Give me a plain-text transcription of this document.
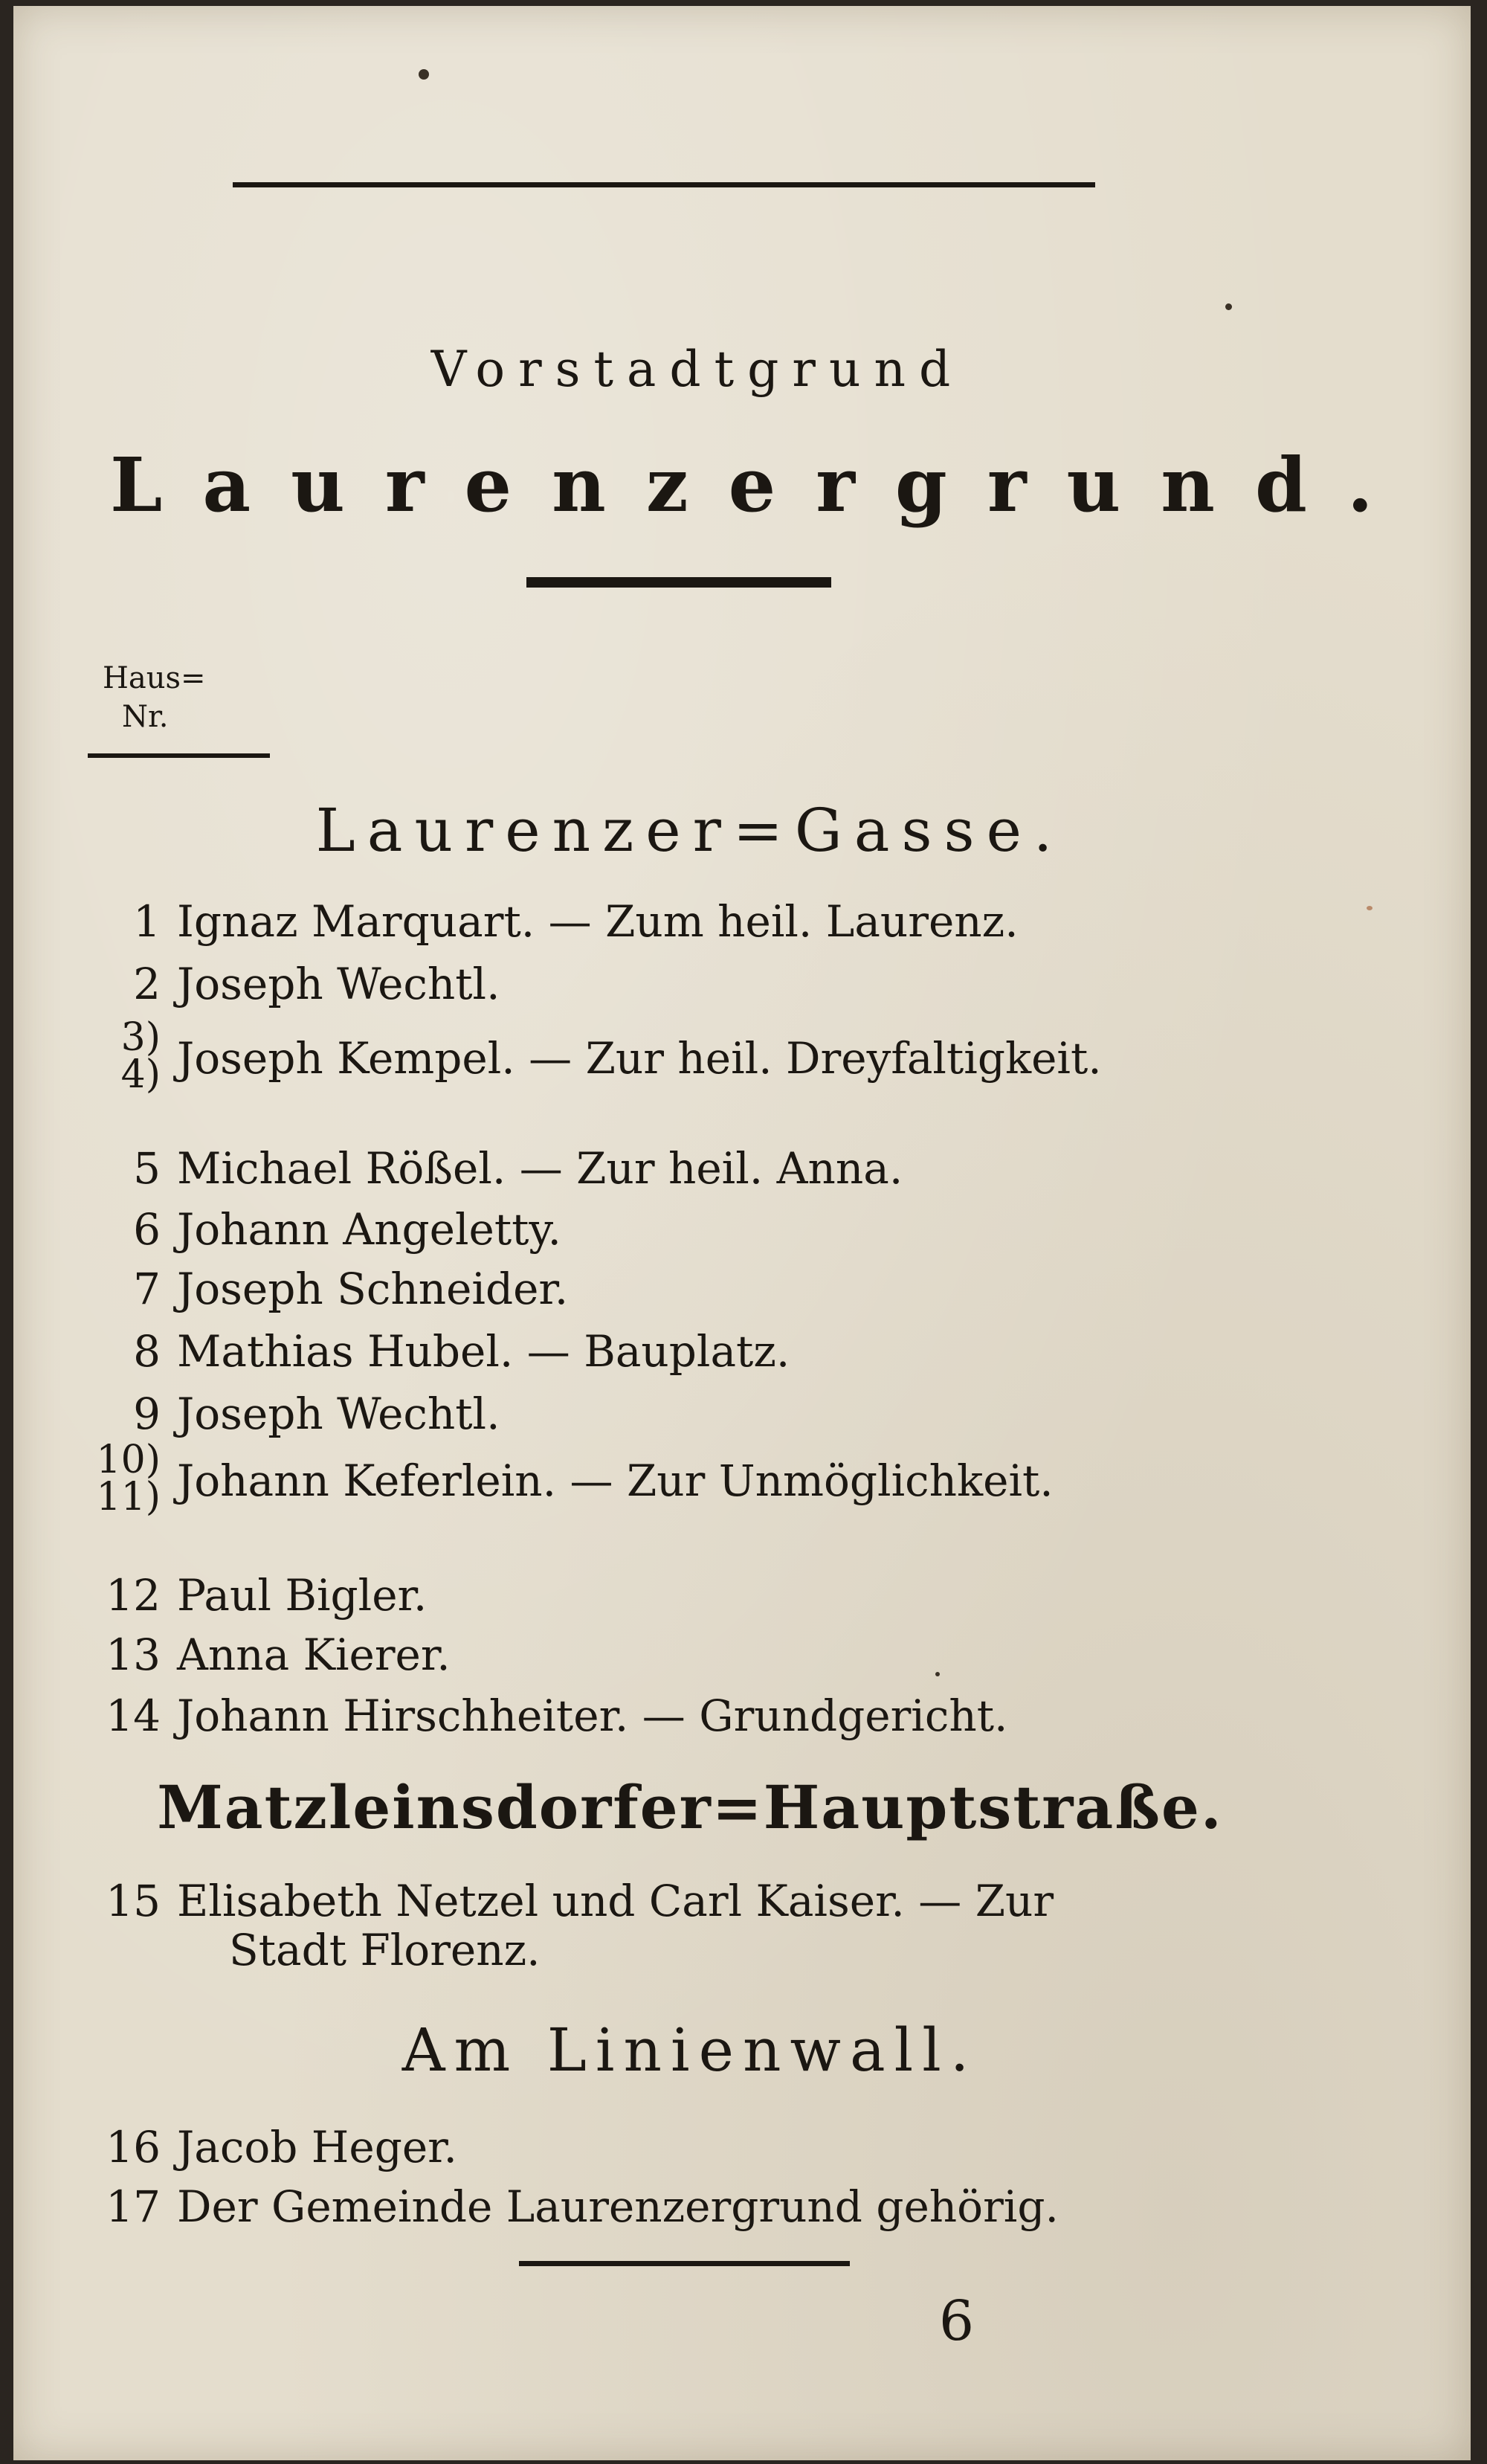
Vorstadtgrund
Laurenzergrund.
Haus=
Nr.
Laurenzer=Gasse.
1 Ignaz Marquart. — Zum heil. Laurenz.
2 Joseph Wechtl.
3)
4) Joseph Kempel. — Zur heil. Dreyfaltigkeit.
5 Michael Rößel. — Zur heil. Anna.
6 Johann Angeletty.
7 Joseph Schneider.
8 Mathias Hubel. — Bauplatz.
9 Joseph Wechtl.
10)
11) Johann Keferlein. — Zur Unmöglichkeit.
12 Paul Bigler.
13 Anna Kierer.
14 Johann Hirschheiter. — Grundgericht.
Matzleinsdorfer=Hauptstraße.
15 Elisabeth Netzel und Carl Kaiser. — Zur
Stadt Florenz.
Am Linienwall.
16 Jacob Heger.
17 Der Gemeinde Laurenzergrund gehörig.
6
